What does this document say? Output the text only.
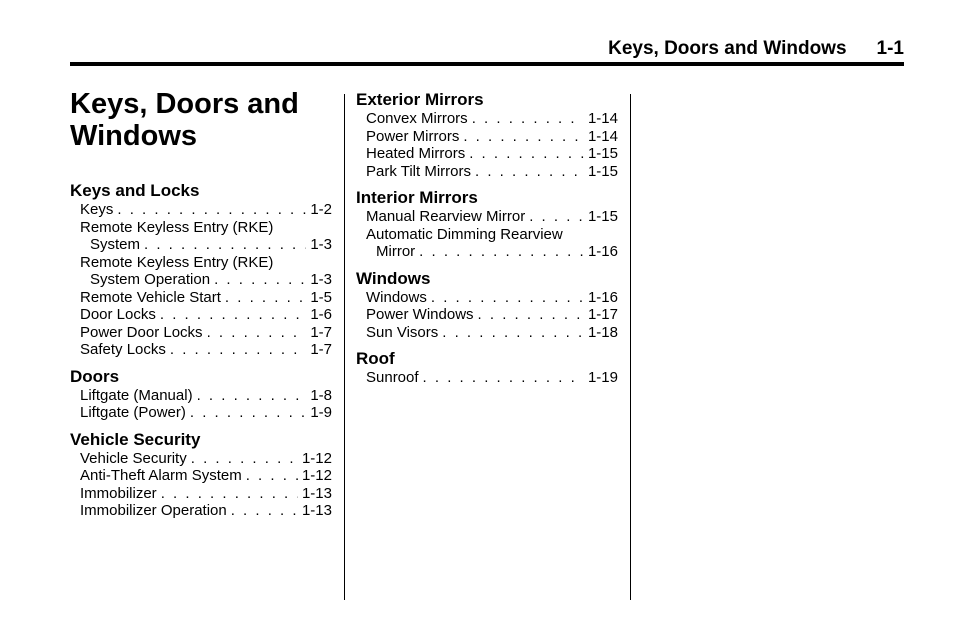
Keys, Doors and Windows 1-1
Keys, Doors and Windows
Keys and Locks
Keys . . .	1-2
Remote Keyless Entry (RKE)
System . . .	1-3
Remote Keyless Entry (RKE)
System Operation . . .	1-3
Remote Vehicle Start . . .	1-5
Door Locks . . .	1-6
Power Door Locks . . .	1-7
Safety Locks . . .	1-7
Doors
Liftgate (Manual) . . .	1-8
Liftgate (Power) . . .	1-9
Vehicle Security
Vehicle Security . . .	1-12
Anti-Theft Alarm System . . .	1-12
Immobilizer . . .	1-13
Immobilizer Operation . . .	1-13
Exterior Mirrors
Convex Mirrors . . .	1-14
Power Mirrors . . .	1-14
Heated Mirrors . . .	1-15
Park Tilt Mirrors . . .	1-15
Interior Mirrors
Manual Rearview Mirror . . .	1-15
Automatic Dimming Rearview
Mirror . . .	1-16
Windows
Windows . . .	1-16
Power Windows . . .	1-17
Sun Visors . . .	1-18
Roof
Sunroof . . .	1-19
